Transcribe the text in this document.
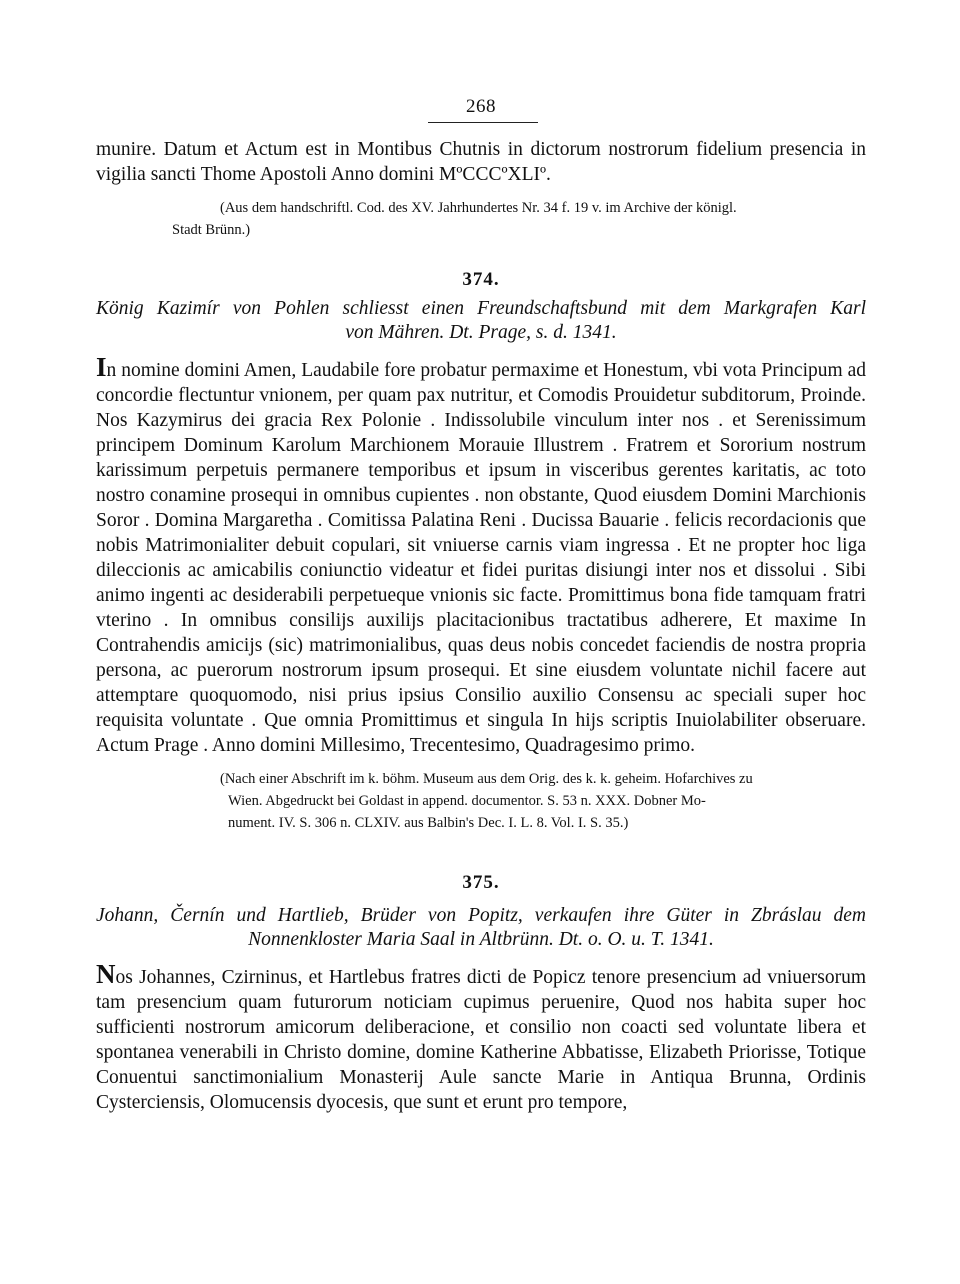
268

munire. Datum et Actum est in Montibus Chutnis in dictorum nostrorum fidelium presencia in vigilia sancti Thome Apostoli Anno domini MºCCCºXLIº.

(Aus dem handschriftl. Cod. des XV. Jahrhundertes Nr. 34 f. 19 v. im Archive der königl.
Stadt Brünn.)
374.
König Kazimír von Pohlen schliesst einen Freundschaftsbund mit dem Markgrafen Karl
von Mähren. Dt. Prage, s. d. 1341.

In nomine domini Amen, Laudabile fore probatur permaxime et Honestum, vbi vota Principum ad concordie flectuntur vnionem, per quam pax nutritur, et Comodis Prouidetur subditorum, Proinde. Nos Kazymirus dei gracia Rex Polonie . Indissolubile vinculum inter nos . et Serenissimum principem Dominum Karolum Marchionem Morauie Illustrem . Fratrem et Sororium nostrum karissimum perpetuis permanere temporibus et ipsum in visceribus gerentes karitatis, ac toto nostro conamine prosequi in omnibus cupientes . non obstante, Quod eiusdem Domini Marchionis Soror . Domina Margaretha . Comitissa Palatina Reni . Ducissa Bauarie . felicis recordacionis que nobis Matrimonialiter debuit copulari, sit vniuerse carnis viam ingressa . Et ne propter hoc liga dileccionis ac amicabilis coniunctio videatur et fidei puritas disiungi inter nos et dissolui . Sibi animo ingenti ac desiderabili perpetueque vnionis sic facte. Promittimus bona fide tamquam fratri vterino . In omnibus consilijs auxilijs placitacionibus tractatibus adherere, Et maxime In Contrahendis amicijs (sic) matrimonialibus, quas deus nobis concedet faciendis de nostra propria persona, ac puerorum nostrorum ipsum prosequi. Et sine eiusdem voluntate nichil facere aut attemptare quoquomodo, nisi prius ipsius Consilio auxilio Consensu ac speciali super hoc requisita voluntate . Que omnia Promittimus et singula In hijs scriptis Inuiolabiliter obseruare. Actum Prage . Anno domini Millesimo, Trecentesimo, Quadragesimo primo.

(Nach einer Abschrift im k. böhm. Museum aus dem Orig. des k. k. geheim. Hofarchives zu
Wien. Abgedruckt bei Goldast in append. documentor. S. 53 n. XXX. Dobner Mo-
nument. IV. S. 306 n. CLXIV. aus Balbin's Dec. I. L. 8. Vol. I. S. 35.)
375.
Johann, Černín und Hartlieb, Brüder von Popitz, verkaufen ihre Güter in Zbráslau dem
Nonnenkloster Maria Saal in Altbrünn. Dt. o. O. u. T. 1341.

Nos Johannes, Czirninus, et Hartlebus fratres dicti de Popicz tenore presencium ad vniuersorum tam presencium quam futurorum noticiam cupimus peruenire, Quod nos habita super hoc sufficienti nostrorum amicorum deliberacione, et consilio non coacti sed voluntate libera et spontanea venerabili in Christo domine, domine Katherine Abbatisse, Elizabeth Priorisse, Totique Conuentui sanctimonialium Monasterij Aule sancte Marie in Antiqua Brunna, Ordinis Cysterciensis, Olomucensis dyocesis, que sunt et erunt pro tempore,
